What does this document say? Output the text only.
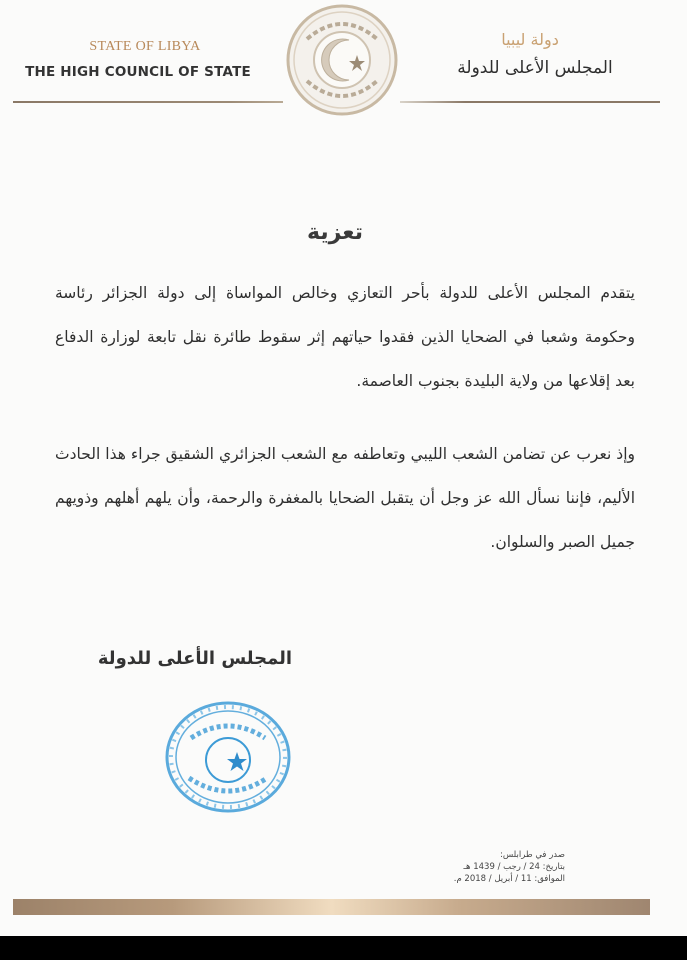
STATE OF LIBYA
THE HIGH COUNCIL OF STATE
دولة ليبيا
المجلس الأعلى للدولة
تعزية
يتقدم المجلس الأعلى للدولة بأحر التعازي وخالص المواساة إلى دولة الجزائر رئاسة وحكومة وشعبا في الضحايا الذين فقدوا حياتهم إثر سقوط طائرة نقل تابعة لوزارة الدفاع بعد إقلاعها من ولاية البليدة بجنوب العاصمة.
وإذ نعرب عن تضامن الشعب الليبي وتعاطفه مع الشعب الجزائري الشقيق جراء هذا الحادث الأليم، فإننا نسأل الله عز وجل أن يتقبل الضحايا بالمغفرة والرحمة، وأن يلهم أهلهم وذويهم جميل الصبر والسلوان.
المجلس الأعلى للدولة
صدر في طرابلس:
بتاريخ: 24 / رجب / 1439 هـ
الموافق: 11 / أبريل / 2018 م.
